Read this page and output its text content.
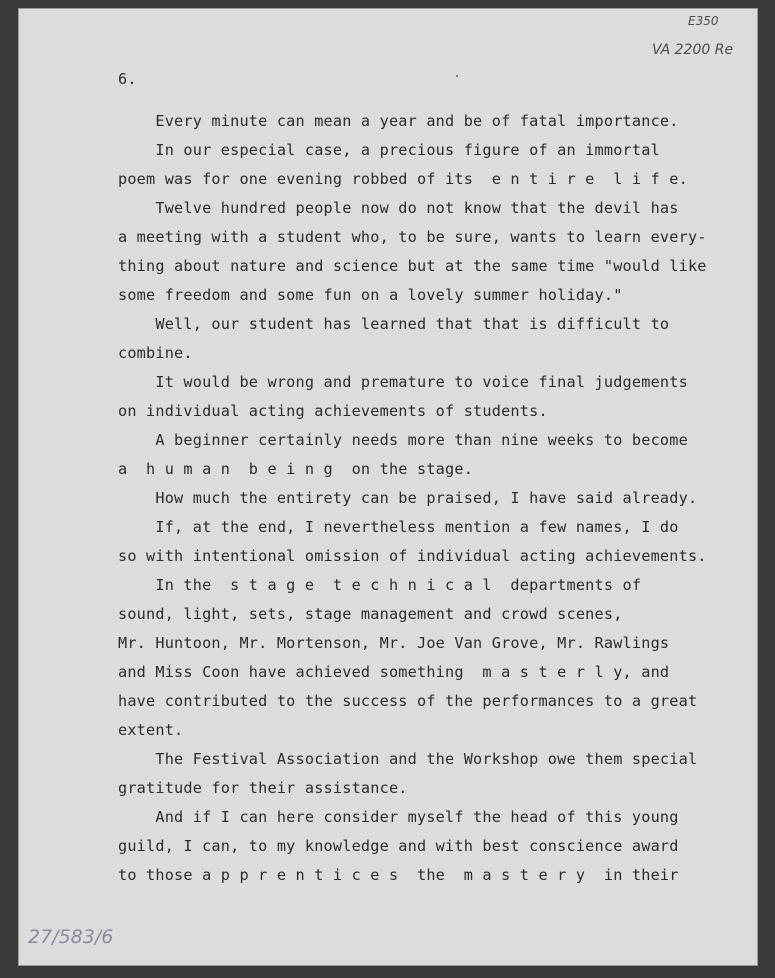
E350
VA 2200 Re
6.
Every minute can mean a year and be of fatal importance.
In our especial case, a precious figure of an immortal
poem was for one evening robbed of its  e n t i r e  l i f e.
Twelve hundred people now do not know that the devil has
a meeting with a student who, to be sure, wants to learn every-
thing about nature and science but at the same time "would like
some freedom and some fun on a lovely summer holiday."
Well, our student has learned that that is difficult to
combine.
It would be wrong and premature to voice final judgements
on individual acting achievements of students.
A beginner certainly needs more than nine weeks to become
a  h u m a n  b e i n g  on the stage.
How much the entirety can be praised, I have said already.
If, at the end, I nevertheless mention a few names, I do
so with intentional omission of individual acting achievements.
In the  s t a g e  t e c h n i c a l  departments of
sound, light, sets, stage management and crowd scenes,
Mr. Huntoon, Mr. Mortenson, Mr. Joe Van Grove, Mr. Rawlings
and Miss Coon have achieved something  m a s t e r l y, and
have contributed to the success of the performances to a great
extent.
The Festival Association and the Workshop owe them special
gratitude for their assistance.
And if I can here consider myself the head of this young
guild, I can, to my knowledge and with best conscience award
to those a p p r e n t i c e s  the  m a s t e r y  in their
27/583/6
